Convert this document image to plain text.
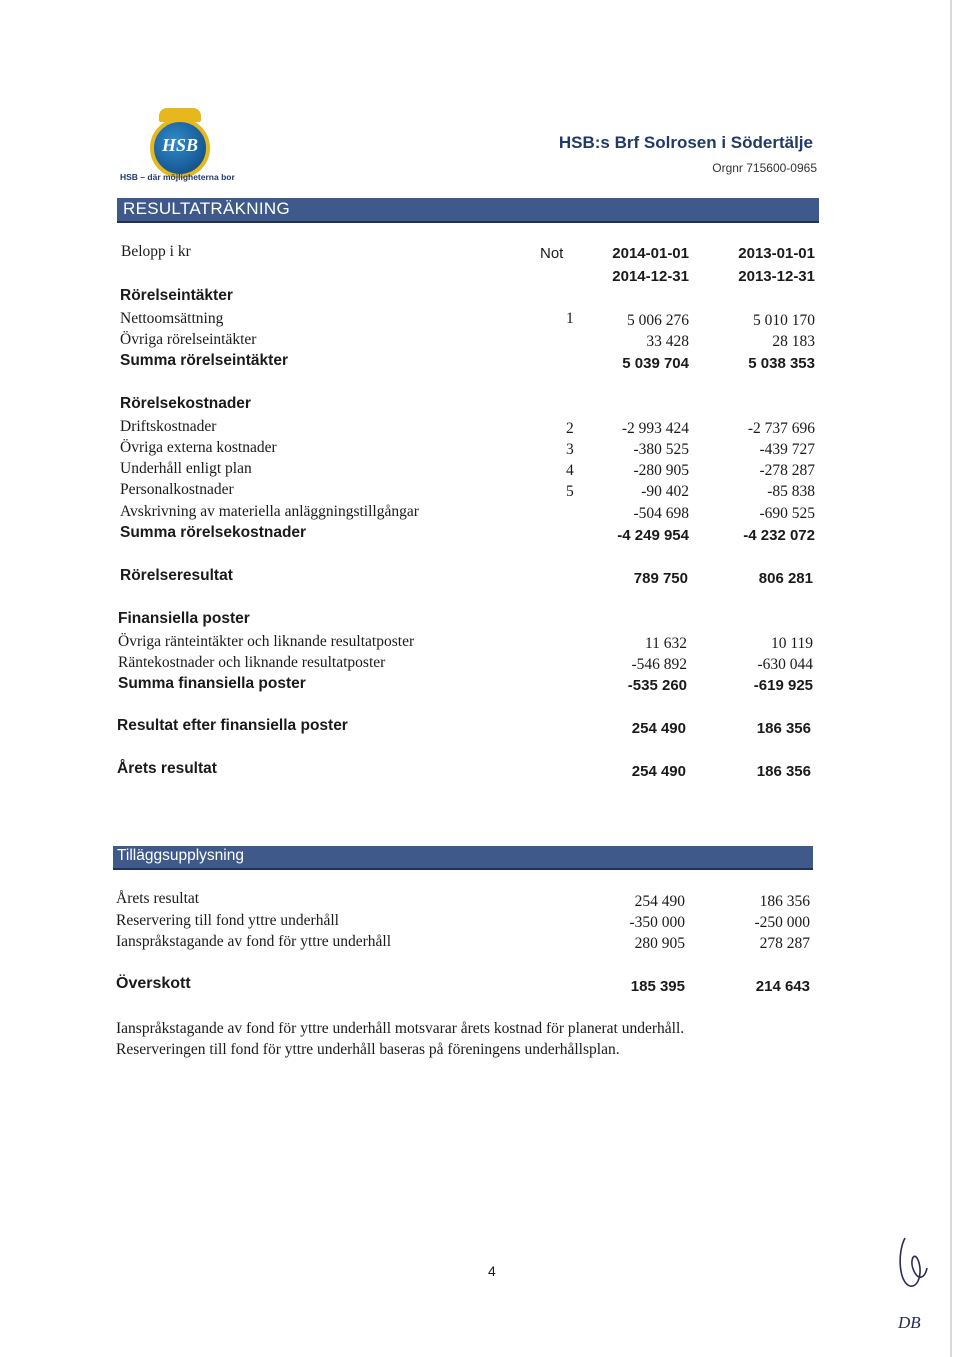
HSB
HSB – där möjligheterna bor
HSB:s Brf Solrosen i Södertälje
Orgnr 715600-0965
RESULTATRÄKNING
Belopp i kr	Not	2014-01-01	2013-01-01
2014-12-31	2013-12-31
Rörelseintäkter
Nettoomsättning	1	5 006 276	5 010 170
Övriga rörelseintäkter	33 428	28 183
Summa rörelseintäkter	5 039 704	5 038 353
Rörelsekostnader
Driftskostnader	2	-2 993 424	-2 737 696
Övriga externa kostnader	3	-380 525	-439 727
Underhåll enligt plan	4	-280 905	-278 287
Personalkostnader	5	-90 402	-85 838
Avskrivning av materiella anläggningstillgångar	-504 698	-690 525
Summa rörelsekostnader	-4 249 954	-4 232 072
Rörelseresultat	789 750	806 281
Finansiella poster
Övriga ränteintäkter och liknande resultatposter	11 632	10 119
Räntekostnader och liknande resultatposter	-546 892	-630 044
Summa finansiella poster	-535 260	-619 925
Resultat efter finansiella poster	254 490	186 356
Årets resultat	254 490	186 356
Tilläggsupplysning
Årets resultat	254 490	186 356
Reservering till fond yttre underhåll	-350 000	-250 000
Ianspråkstagande av fond för yttre underhåll	280 905	278 287
Överskott	185 395	214 643
Ianspråkstagande av fond för yttre underhåll motsvarar årets kostnad för planerat underhåll.
Reserveringen till fond för yttre underhåll baseras på föreningens underhållsplan.
4
DB
